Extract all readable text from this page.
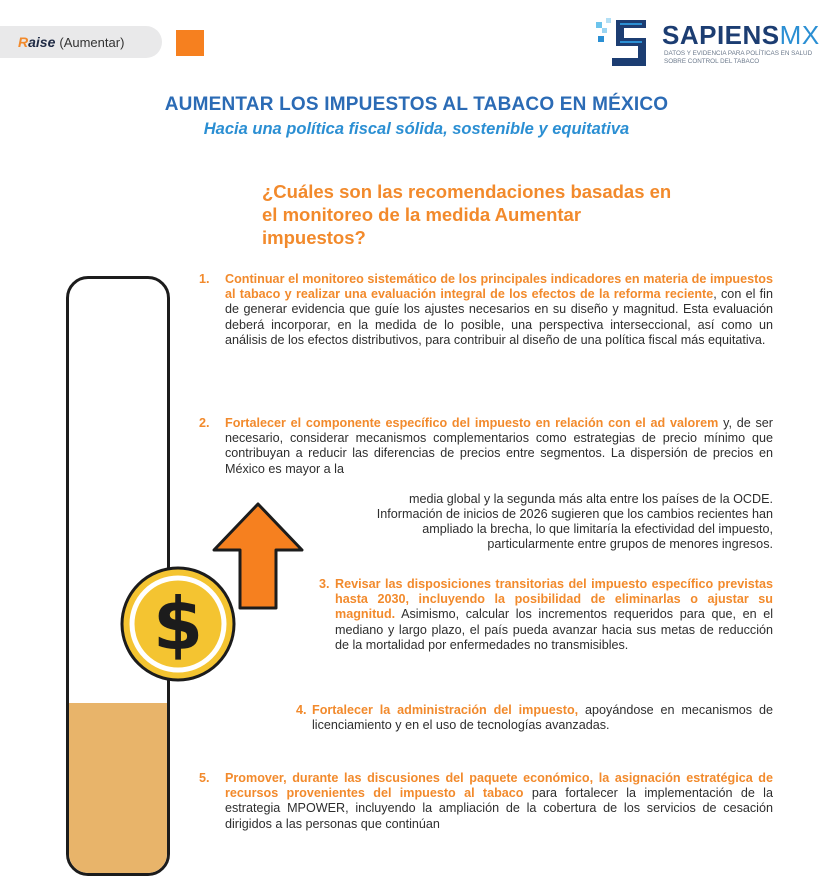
Raise (Aumentar)	SAPIENSMX
DATOS Y EVIDENCIA PARA POLÍTICAS EN SALUD SOBRE CONTROL DEL TABACO
AUMENTAR LOS IMPUESTOS AL TABACO EN MÉXICO
Hacia una política fiscal sólida, sostenible y equitativa
¿Cuáles son las recomendaciones basadas en el monitoreo de la medida Aumentar impuestos?
$
1. Continuar el monitoreo sistemático de los principales indicadores en materia de impuestos al tabaco y realizar una evaluación integral de los efectos de la reforma reciente, con el fin de generar evidencia que guíe los ajustes necesarios en su diseño y magnitud. Esta evaluación deberá incorporar, en la medida de lo posible, una perspectiva interseccional, así como un análisis de los efectos distributivos, para contribuir al diseño de una política fiscal más equitativa.
2. Fortalecer el componente específico del impuesto en relación con el ad valorem y, de ser necesario, considerar mecanismos complementarios como estrategias de precio mínimo que contribuyan a reducir las diferencias de precios entre segmentos. La dispersión de precios en México es mayor a la
media global y la segunda más alta entre los países de la OCDE.
Información de inicios de 2026 sugieren que los cambios recientes han
ampliado la brecha, lo que limitaría la efectividad del impuesto,
particularmente entre grupos de menores ingresos.
3. Revisar las disposiciones transitorias del impuesto específico previstas hasta 2030, incluyendo la posibilidad de eliminarlas o ajustar su magnitud. Asimismo, calcular los incrementos requeridos para que, en el mediano y largo plazo, el país pueda avanzar hacia sus metas de reducción de la mortalidad por enfermedades no transmisibles.
4. Fortalecer la administración del impuesto, apoyándose en mecanismos de licenciamiento y en el uso de tecnologías avanzadas.
5. Promover, durante las discusiones del paquete económico, la asignación estratégica de recursos provenientes del impuesto al tabaco para fortalecer la implementación de la estrategia MPOWER, incluyendo la ampliación de la cobertura de los servicios de cesación dirigidos a las personas que continúan
